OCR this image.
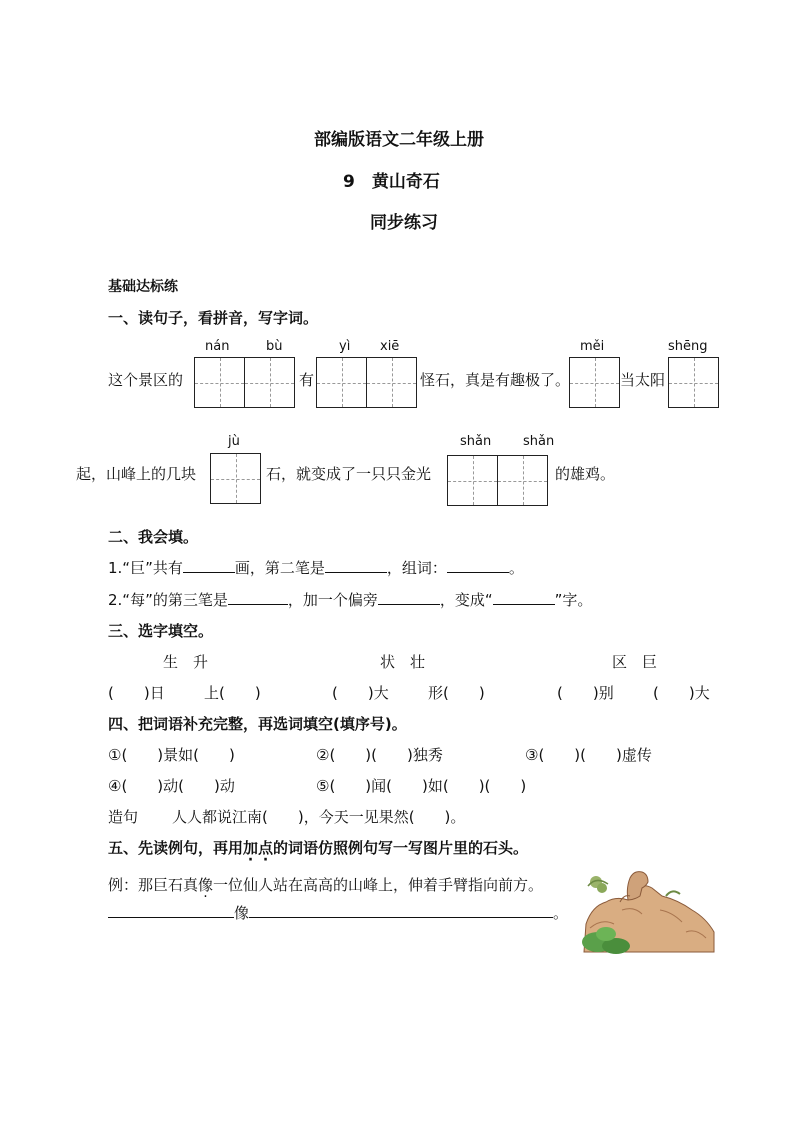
部编版语文二年级上册
9　黄山奇石
同步练习
基础达标练
一、读句子，看拼音，写字词。
nán	bù	yì xiē	měi	shēng
这个景区的	有	怪石，真是有趣极了。	当太阳
jù	shǎn shǎn
起，山峰上的几块	石，就变成了一只只金光	的雄鸡。
二、我会填。
1.“巨”共有	画，第二笔是	，组词：	。
2.“每”的第三笔是	，加一个偏旁	，变成“	”字。
三、选字填空。
生　升	状　壮	区　巨
(　　)日	上(　　)	(　　)大	形(　　)	(　　)别	(　　)大
四、把词语补充完整，再选词填空(填序号)。
①(　　)景如(　　)	②(　　)(　　)独秀	③(　　)(　　)虚传
④(　　)动(　　)动	⑤(　　)闻(　　)如(　　)(　　)
造句 人人都说江南(　　)，今天一见果然(　　)。
五、先读例句，再用加点的词语仿照例句写一写图片里的石头。
例：那巨石真像一位仙人站在高高的山峰上，伸着手臂指向前方。
像	。
